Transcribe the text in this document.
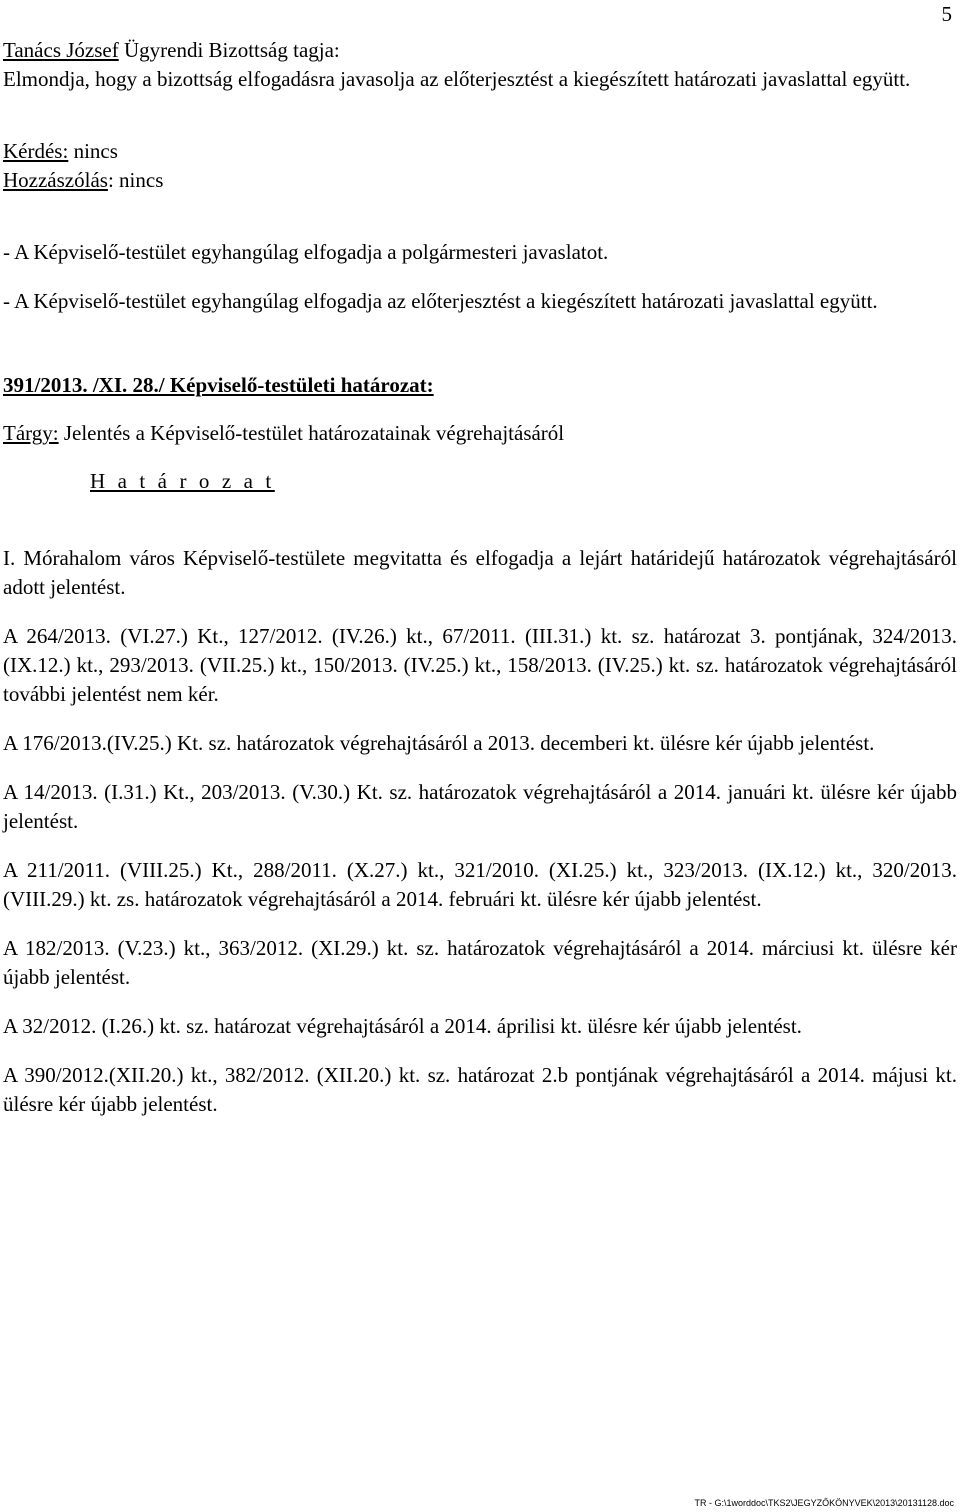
5

Tanács József Ügyrendi Bizottság tagja:

Elmondja, hogy a bizottság elfogadásra javasolja az előterjesztést a kiegészített határozati javaslattal együtt.

Kérdés: nincs

Hozzászólás: nincs

- A Képviselő-testület egyhangúlag elfogadja a polgármesteri javaslatot.

- A Képviselő-testület egyhangúlag elfogadja az előterjesztést a kiegészített határozati javaslattal együtt.

391/2013. /XI. 28./ Képviselő-testületi határozat:

Tárgy: Jelentés a Képviselő-testület határozatainak végrehajtásáról

H a t á r o z a t

I. Mórahalom város Képviselő-testülete megvitatta és elfogadja a lejárt határidejű határozatok végrehajtásáról adott jelentést.

A 264/2013. (VI.27.) Kt., 127/2012. (IV.26.) kt., 67/2011. (III.31.) kt. sz. határozat 3. pontjának, 324/2013. (IX.12.) kt., 293/2013. (VII.25.) kt., 150/2013. (IV.25.) kt., 158/2013. (IV.25.) kt. sz. határozatok végrehajtásáról további jelentést nem kér.

A 176/2013.(IV.25.) Kt. sz. határozatok végrehajtásáról a 2013. decemberi kt. ülésre kér újabb jelentést.

A 14/2013. (I.31.) Kt., 203/2013. (V.30.) Kt. sz. határozatok végrehajtásáról a 2014. januári kt. ülésre kér újabb jelentést.

A 211/2011. (VIII.25.) Kt., 288/2011. (X.27.) kt., 321/2010. (XI.25.) kt., 323/2013. (IX.12.) kt., 320/2013. (VIII.29.) kt. zs. határozatok végrehajtásáról a 2014. februári kt. ülésre kér újabb jelentést.

A 182/2013. (V.23.) kt., 363/2012. (XI.29.) kt. sz. határozatok végrehajtásáról a 2014. márciusi kt. ülésre kér újabb jelentést.

A 32/2012. (I.26.) kt. sz. határozat végrehajtásáról a 2014. áprilisi kt. ülésre kér újabb jelentést.

A 390/2012.(XII.20.) kt., 382/2012. (XII.20.) kt. sz. határozat 2.b pontjának végrehajtásáról a 2014. májusi kt. ülésre kér újabb jelentést.

TR - G:\1worddoc\TKS2\JEGYZŐKÖNYVEK\2013\20131128.doc
